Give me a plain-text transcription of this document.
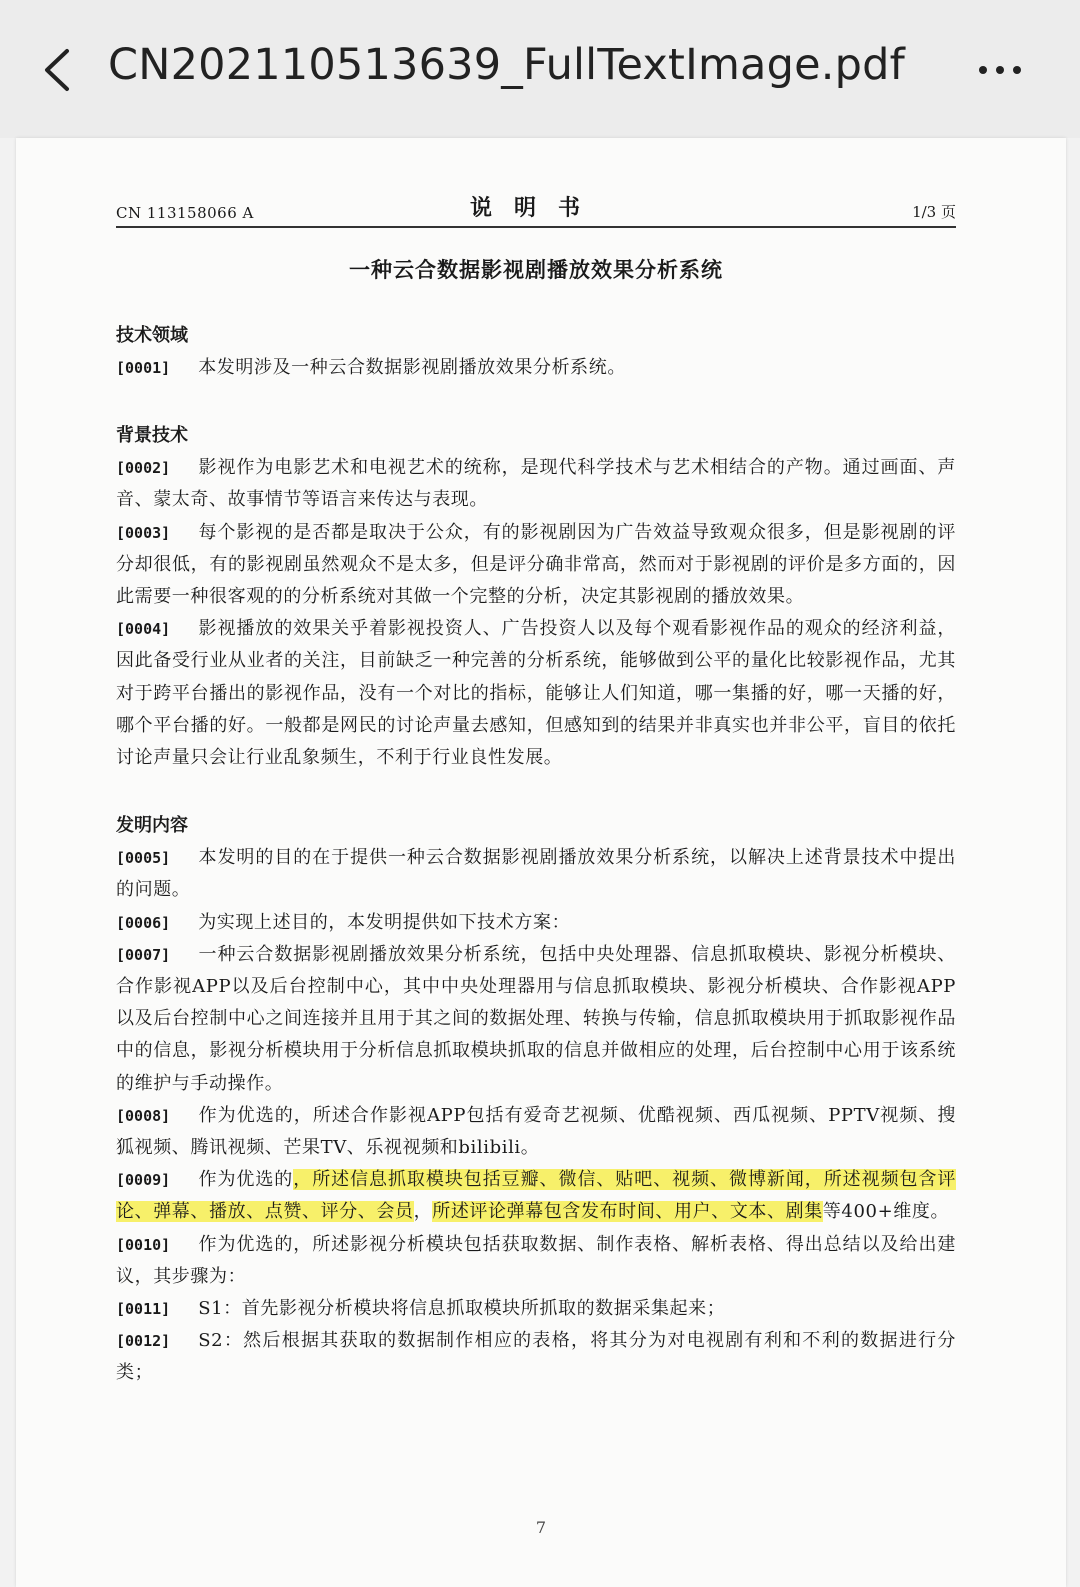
CN202110513639_FullTextImage.pdf
CN 113158066 A	说明书	1/3 页
一种云合数据影视剧播放效果分析系统
技术领域

[0001] 本发明涉及一种云合数据影视剧播放效果分析系统。

背景技术

[0002] 影视作为电影艺术和电视艺术的统称，是现代科学技术与艺术相结合的产物。通过画面、声音、蒙太奇、故事情节等语言来传达与表现。

[0003] 每个影视的是否都是取决于公众，有的影视剧因为广告效益导致观众很多，但是影视剧的评分却很低，有的影视剧虽然观众不是太多，但是评分确非常高，然而对于影视剧的评价是多方面的，因此需要一种很客观的的分析系统对其做一个完整的分析，决定其影视剧的播放效果。

[0004] 影视播放的效果关乎着影视投资人、广告投资人以及每个观看影视作品的观众的经济利益，因此备受行业从业者的关注，目前缺乏一种完善的分析系统，能够做到公平的量化比较影视作品，尤其对于跨平台播出的影视作品，没有一个对比的指标，能够让人们知道，哪一集播的好，哪一天播的好，哪个平台播的好。一般都是网民的讨论声量去感知，但感知到的结果并非真实也并非公平，盲目的依托讨论声量只会让行业乱象频生，不利于行业良性发展。

发明内容

[0005] 本发明的目的在于提供一种云合数据影视剧播放效果分析系统，以解决上述背景技术中提出的问题。

[0006] 为实现上述目的，本发明提供如下技术方案：

[0007] 一种云合数据影视剧播放效果分析系统，包括中央处理器、信息抓取模块、影视分析模块、合作影视APP以及后台控制中心，其中中央处理器用与信息抓取模块、影视分析模块、合作影视APP以及后台控制中心之间连接并且用于其之间的数据处理、转换与传输，信息抓取模块用于抓取影视作品中的信息，影视分析模块用于分析信息抓取模块抓取的信息并做相应的处理，后台控制中心用于该系统的维护与手动操作。

[0008] 作为优选的，所述合作影视APP包括有爱奇艺视频、优酷视频、西瓜视频、PPTV视频、搜狐视频、腾讯视频、芒果TV、乐视视频和bilibili。

[0009] 作为优选的，所述信息抓取模块包括豆瓣、微信、贴吧、视频、微博新闻，所述视频包含评论、弹幕、播放、点赞、评分、会员，所述评论弹幕包含发布时间、用户、文本、剧集等400+维度。

[0010] 作为优选的，所述影视分析模块包括获取数据、制作表格、解析表格、得出总结以及给出建议，其步骤为：

[0011] S1：首先影视分析模块将信息抓取模块所抓取的数据采集起来；

[0012] S2：然后根据其获取的数据制作相应的表格，将其分为对电视剧有利和不利的数据进行分类；

7
